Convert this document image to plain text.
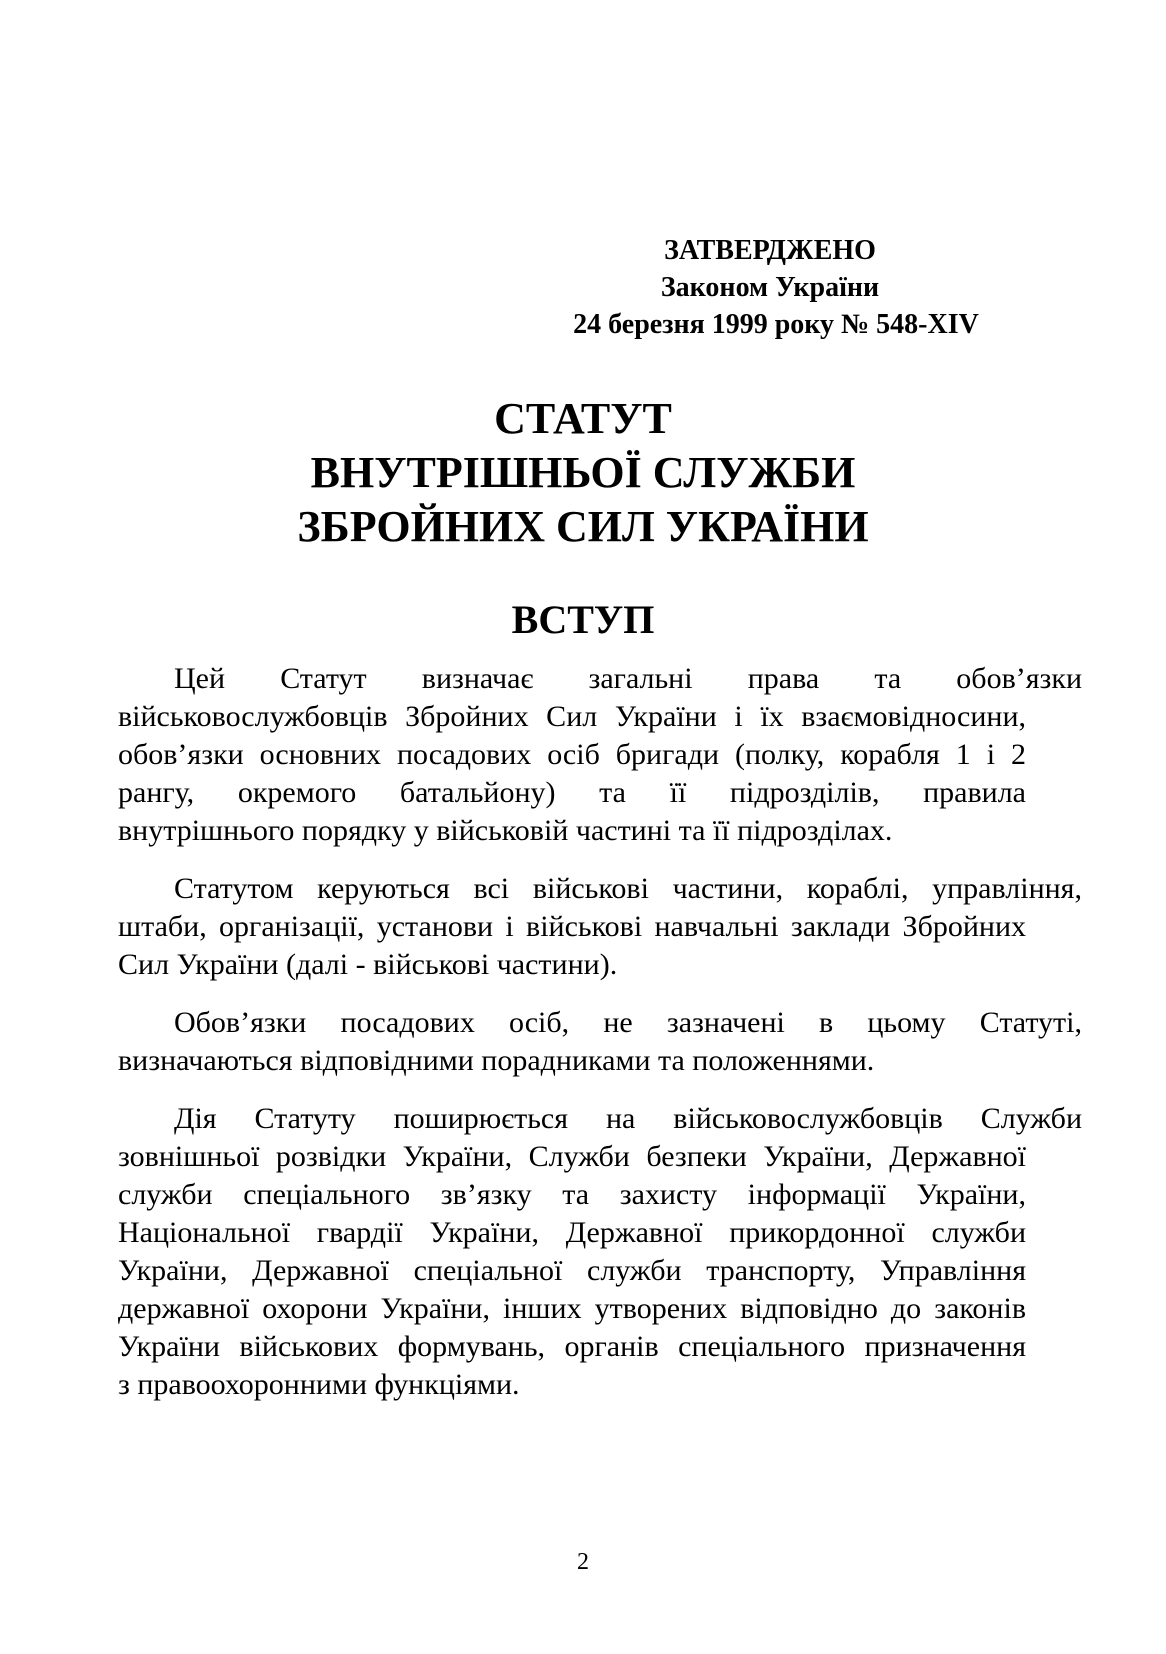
ЗАТВЕРДЖЕНО
Законом України
24 березня 1999 року № 548-XIV
СТАТУТ
ВНУТРІШНЬОЇ СЛУЖБИ
ЗБРОЙНИХ СИЛ УКРАЇНИ
ВСТУП
Цей Статут визначає загальні права та обов’язки
військовослужбовців Збройних Сил України і їх взаємовідносини,
обов’язки основних посадових осіб бригади (полку, корабля 1 і 2
рангу, окремого батальйону) та її підрозділів, правила
внутрішнього порядку у військовій частині та її підрозділах.
Статутом керуються всі військові частини, кораблі, управління,
штаби, організації, установи і військові навчальні заклади Збройних
Сил України (далі - військові частини).
Обов’язки посадових осіб, не зазначені в цьому Статуті,
визначаються відповідними порадниками та положеннями.
Дія Статуту поширюється на військовослужбовців Служби
зовнішньої розвідки України, Служби безпеки України, Державної
служби спеціального зв’язку та захисту інформації України,
Національної гвардії України, Державної прикордонної служби
України, Державної спеціальної служби транспорту, Управління
державної охорони України, інших утворених відповідно до законів
України військових формувань, органів спеціального призначення
з правоохоронними функціями.
2
